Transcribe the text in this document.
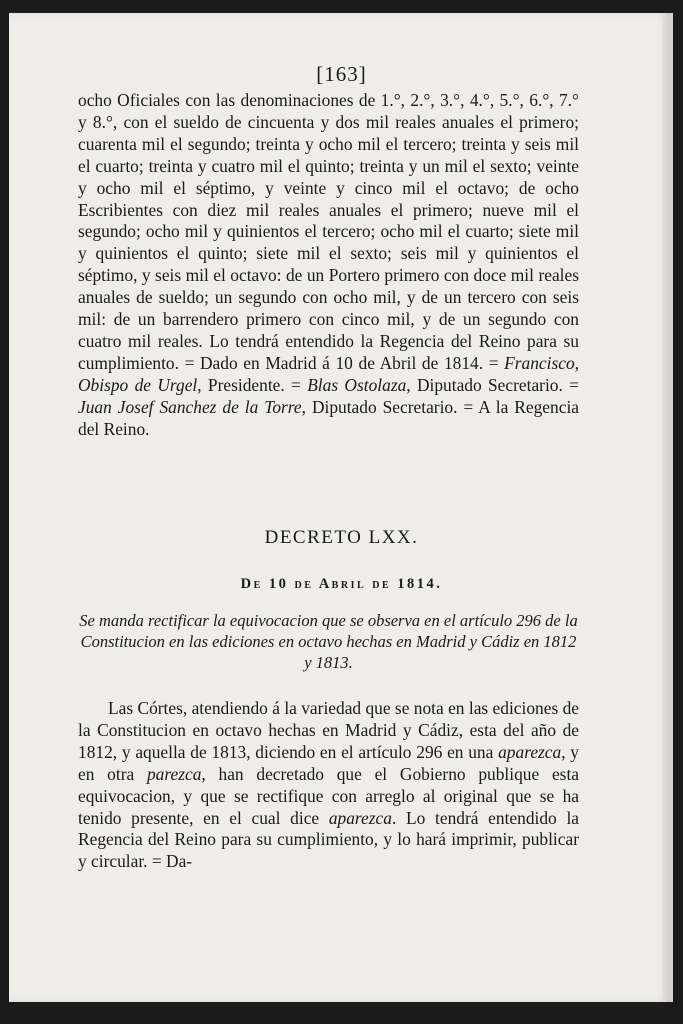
[163]
ocho Oficiales con las denominaciones de 1.°, 2.°, 3.°, 4.°, 5.°, 6.°, 7.° y 8.°, con el sueldo de cincuenta y dos mil reales anuales el primero; cuarenta mil el segundo; treinta y ocho mil el tercero; treinta y seis mil el cuarto; treinta y cuatro mil el quinto; treinta y un mil el sexto; veinte y ocho mil el séptimo, y veinte y cinco mil el octavo; de ocho Escribientes con diez mil reales anuales el primero; nueve mil el segundo; ocho mil y quinientos el tercero; ocho mil el cuarto; siete mil y quinientos el quinto; siete mil el sexto; seis mil y quinientos el séptimo, y seis mil el octavo: de un Portero primero con doce mil reales anuales de sueldo; un segundo con ocho mil, y de un tercero con seis mil: de un barrendero primero con cinco mil, y de un segundo con cuatro mil reales. Lo tendrá entendido la Regencia del Reino para su cumplimiento. = Dado en Madrid á 10 de Abril de 1814. = Francisco, Obispo de Urgel, Presidente. = Blas Ostolaza, Diputado Secretario. = Juan Josef Sanchez de la Torre, Diputado Secretario. = A la Regencia del Reino.
DECRETO LXX.
De 10 de Abril de 1814.
Se manda rectificar la equivocacion que se observa en el artículo 296 de la Constitucion en las ediciones en octavo hechas en Madrid y Cádiz en 1812 y 1813.
Las Córtes, atendiendo á la variedad que se nota en las ediciones de la Constitucion en octavo hechas en Madrid y Cádiz, esta del año de 1812, y aquella de 1813, diciendo en el artículo 296 en una aparezca, y en otra parezca, han decretado que el Gobierno publique esta equivocacion, y que se rectifique con arreglo al original que se ha tenido presente, en el cual dice aparezca. Lo tendrá entendido la Regencia del Reino para su cumplimiento, y lo hará imprimir, publicar y circular. = Da-
